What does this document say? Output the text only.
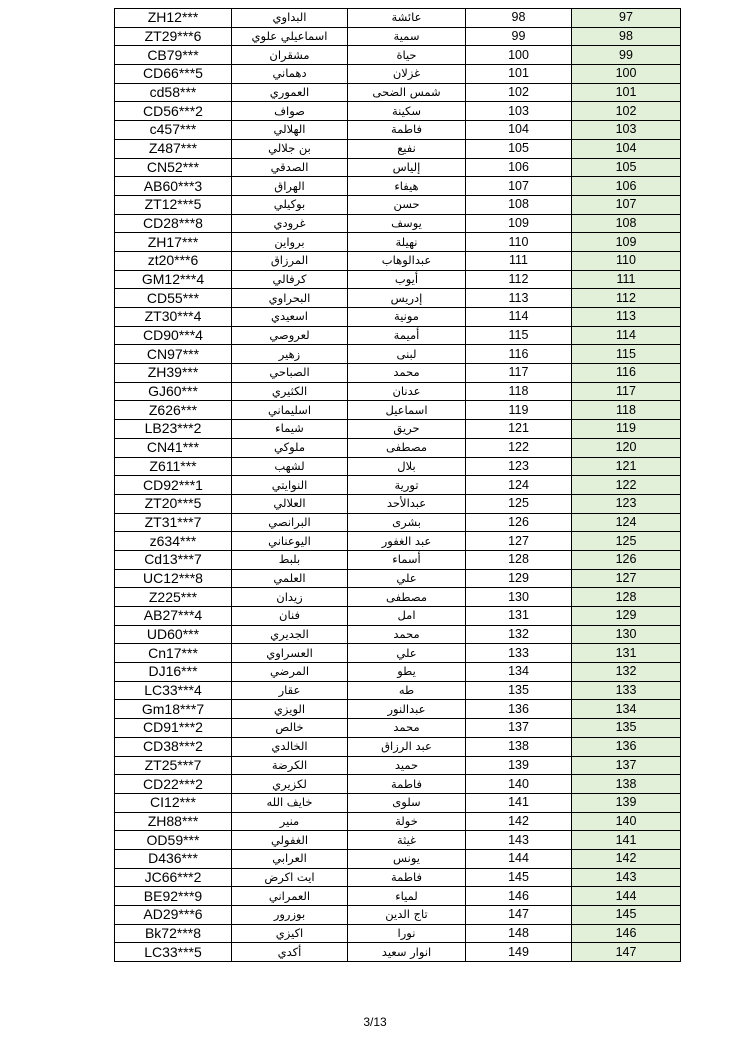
ZH12***	البداوي	عائشة	98	97
ZT29***6	اسماعيلي علوي	سمية	99	98
CB79***	مشقران	حياة	100	99
CD66***5	دهماني	غزلان	101	100
cd58***	العموري	شمس الضحى	102	101
CD56***2	صواف	سكينة	103	102
c457***	الهلالي	فاطمة	104	103
Z487***	بن جلالي	نفيع	105	104
CN52***	الصدقي	إلياس	106	105
AB60***3	الهراق	هيفاء	107	106
ZT12***5	بوكيلي	حسن	108	107
CD28***8	غرودي	يوسف	109	108
ZH17***	برواين	نهيلة	110	109
zt20***6	المرزاق	عبدالوهاب	111	110
GM12***4	كرفالي	أيوب	112	111
CD55***	البحراوي	إدريس	113	112
ZT30***4	اسعيدي	مونية	114	113
CD90***4	لعروصي	أميمة	115	114
CN97***	زهير	لبنى	116	115
ZH39***	الصباحي	محمد	117	116
GJ60***	الكثيري	عدنان	118	117
Z626***	اسليماني	اسماعيل	119	118
LB23***2	شيماء	حريق	121	119
CN41***	ملوكي	مصطفى	122	120
Z611***	لشهب	بلال	123	121
CD92***1	النوايتي	تورية	124	122
ZT20***5	العلالي	عبدالأحد	125	123
ZT31***7	البرانصي	بشرى	126	124
z634***	اليوعناني	عبد الغفور	127	125
Cd13***7	بلبط	أسماء	128	126
UC12***8	العلمي	علي	129	127
Z225***	زيدان	مصطفى	130	128
AB27***4	فنان	امل	131	129
UD60***	الجديري	محمد	132	130
Cn17***	العسراوي	علي	133	131
DJ16***	المرضي	يطو	134	132
LC33***4	عقار	طه	135	133
Gm18***7	الويزي	عبدالنور	136	134
CD91***2	خالص	محمد	137	135
CD38***2	الخالدي	عبد الرزاق	138	136
ZT25***7	الكرضة	حميد	139	137
CD22***2	لكزيري	فاطمة	140	138
CI12***	خايف الله	سلوى	141	139
ZH88***	منير	خولة	142	140
OD59***	الغفولي	غيثة	143	141
D436***	العرابي	يونس	144	142
JC66***2	ايت اكرض	فاطمة	145	143
BE92***9	العمراني	لمياء	146	144
AD29***6	بوزرور	تاج الدين	147	145
Bk72***8	اكيزي	نورا	148	146
LC33***5	أكدي	انوار سعيد	149	147
3/13
